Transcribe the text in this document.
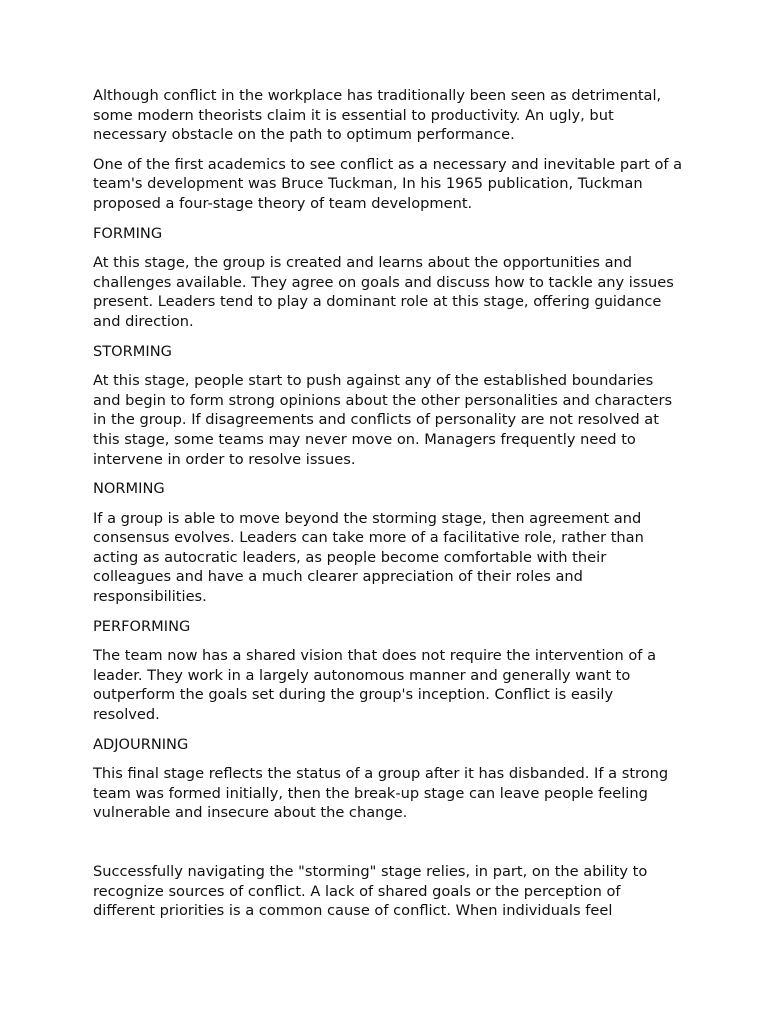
Although conflict in the workplace has traditionally been seen as detrimental, some modern theorists claim it is essential to productivity. An ugly, but necessary obstacle on the path to optimum performance.

One of the first academics to see conflict as a necessary and inevitable part of a team's development was Bruce Tuckman, In his 1965 publication, Tuckman proposed a four-stage theory of team development.

FORMING

At this stage, the group is created and learns about the opportunities and challenges available. They agree on goals and discuss how to tackle any issues present. Leaders tend to play a dominant role at this stage, offering guidance and direction.

STORMING

At this stage, people start to push against any of the established boundaries and begin to form strong opinions about the other personalities and characters in the group. If disagreements and conflicts of personality are not resolved at this stage, some teams may never move on. Managers frequently need to intervene in order to resolve issues.

NORMING

If a group is able to move beyond the storming stage, then agreement and consensus evolves. Leaders can take more of a facilitative role, rather than acting as autocratic leaders, as people become comfortable with their colleagues and have a much clearer appreciation of their roles and responsibilities.

PERFORMING

The team now has a shared vision that does not require the intervention of a leader. They work in a largely autonomous manner and generally want to outperform the goals set during the group's inception. Conflict is easily resolved.

ADJOURNING

This final stage reflects the status of a group after it has disbanded. If a strong team was formed initially, then the break-up stage can leave people feeling vulnerable and insecure about the change.

Successfully navigating the "storming" stage relies, in part, on the ability to recognize sources of conflict. A lack of shared goals or the perception of different priorities is a common cause of conflict. When individuals feel
